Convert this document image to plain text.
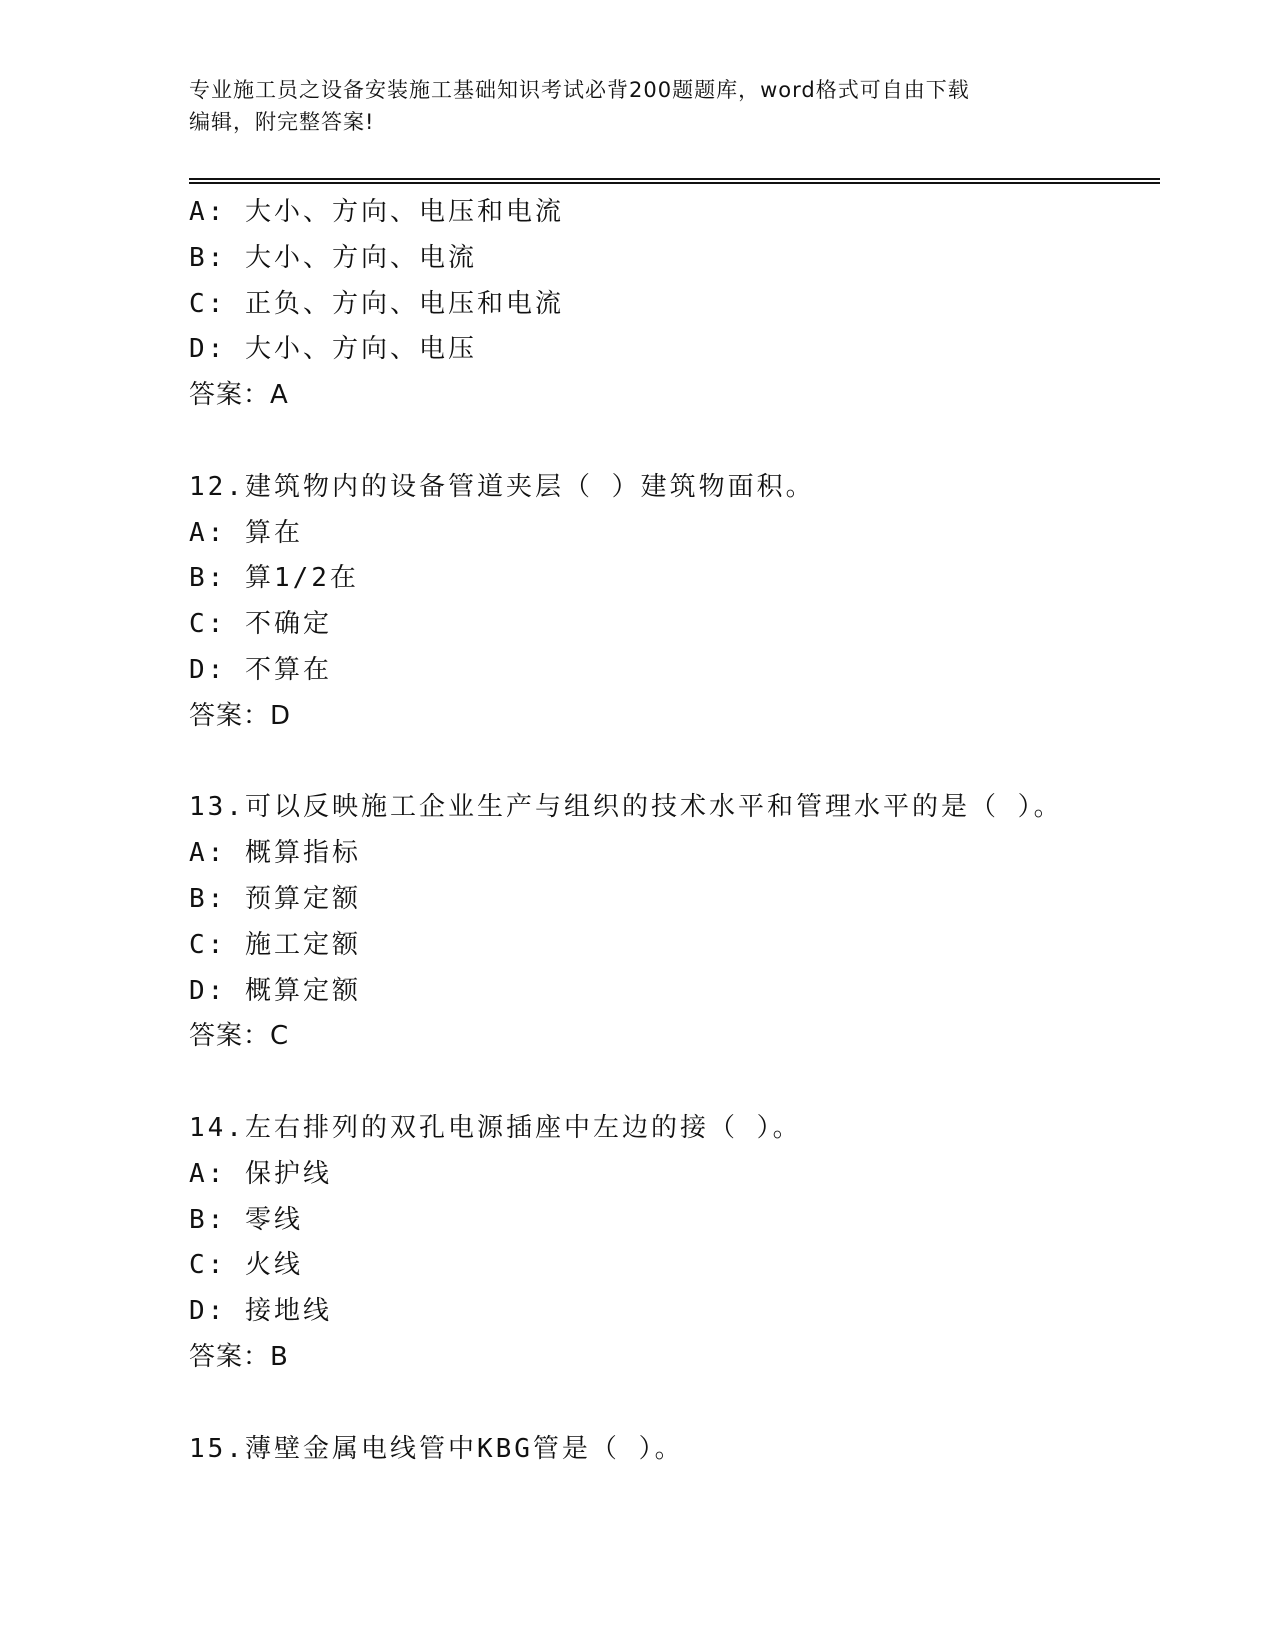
专业施工员之设备安装施工基础知识考试必背200题题库，word格式可自由下载
编辑，附完整答案!
A: 大小、方向、电压和电流
B: 大小、方向、电流
C: 正负、方向、电压和电流
D: 大小、方向、电压
答案：A
12.建筑物内的设备管道夹层（ ）建筑物面积。
A: 算在
B: 算1/2在
C: 不确定
D: 不算在
答案：D
13.可以反映施工企业生产与组织的技术水平和管理水平的是（ ）。
A: 概算指标
B: 预算定额
C: 施工定额
D: 概算定额
答案：C
14.左右排列的双孔电源插座中左边的接（ ）。
A: 保护线
B: 零线
C: 火线
D: 接地线
答案：B
15.薄壁金属电线管中KBG管是（ ）。
